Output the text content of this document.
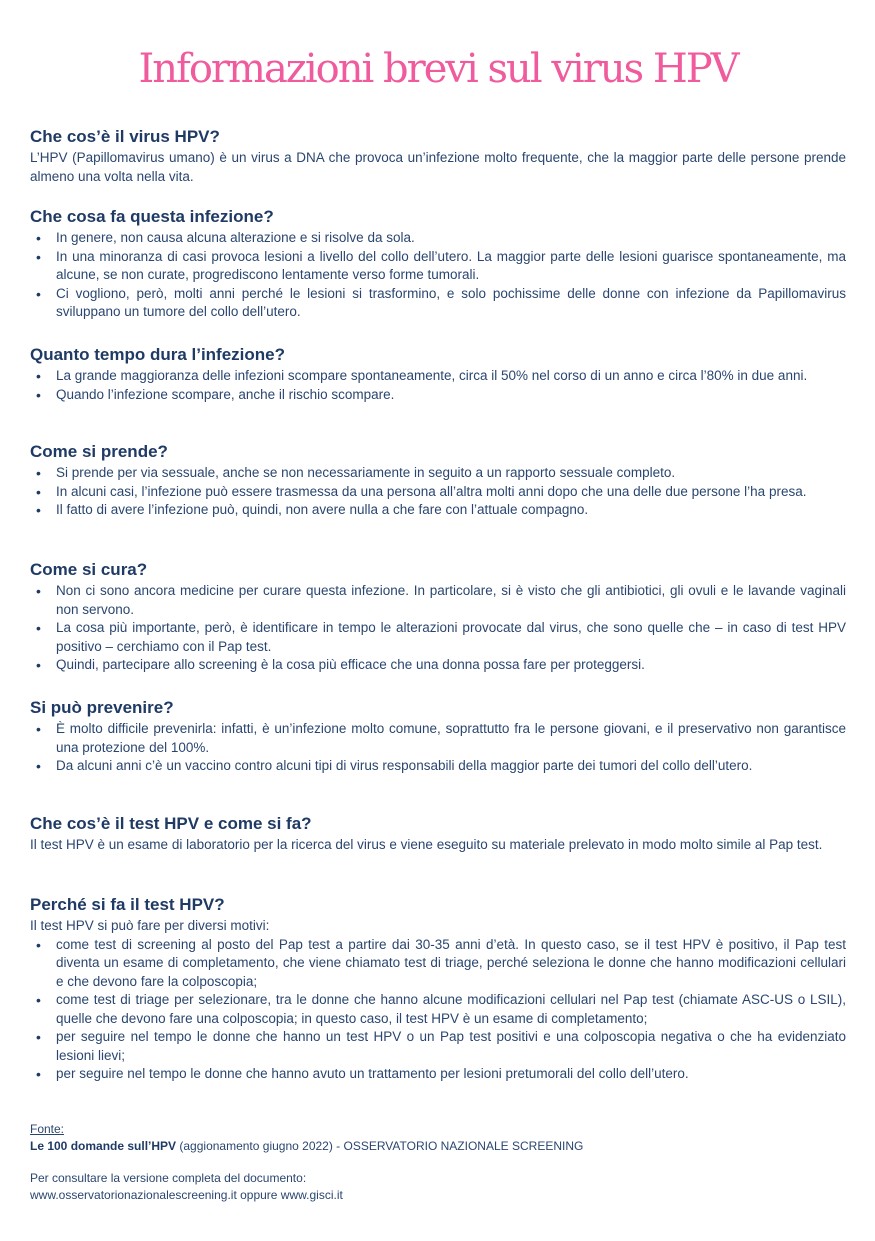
Informazioni brevi sul virus HPV
Che cos’è il virus HPV?

L’HPV (Papillomavirus umano) è un virus a DNA che provoca un’infezione molto frequente, che la maggior parte delle persone prende almeno una volta nella vita.

Che cosa fa questa infezione?
• In genere, non causa alcuna alterazione e si risolve da sola.
• In una minoranza di casi provoca lesioni a livello del collo dell’utero. La maggior parte delle lesioni guarisce spontaneamente, ma alcune, se non curate, progrediscono lentamente verso forme tumorali.
• Ci vogliono, però, molti anni perché le lesioni si trasformino, e solo pochissime delle donne con infezione da Papillomavirus sviluppano un tumore del collo dell’utero.
Quanto tempo dura l’infezione?
• La grande maggioranza delle infezioni scompare spontaneamente, circa il 50% nel corso di un anno e circa l’80% in due anni.
• Quando l’infezione scompare, anche il rischio scompare.
Come si prende?
• Si prende per via sessuale, anche se non necessariamente in seguito a un rapporto sessuale completo.
• In alcuni casi, l’infezione può essere trasmessa da una persona all’altra molti anni dopo che una delle due persone l’ha presa.
• Il fatto di avere l’infezione può, quindi, non avere nulla a che fare con l’attuale compagno.
Come si cura?
• Non ci sono ancora medicine per curare questa infezione. In particolare, si è visto che gli antibiotici, gli ovuli e le lavande vaginali non servono.
• La cosa più importante, però, è identificare in tempo le alterazioni provocate dal virus, che sono quelle che – in caso di test HPV positivo – cerchiamo con il Pap test.
• Quindi, partecipare allo screening è la cosa più efficace che una donna possa fare per proteggersi.
Si può prevenire?
• È molto difficile prevenirla: infatti, è un’infezione molto comune, soprattutto fra le persone giovani, e il preservativo non garantisce una protezione del 100%.
• Da alcuni anni c’è un vaccino contro alcuni tipi di virus responsabili della maggior parte dei tumori del collo dell’utero.
Che cos’è il test HPV e come si fa?

Il test HPV è un esame di laboratorio per la ricerca del virus e viene eseguito su materiale prelevato in modo molto simile al Pap test.

Perché si fa il test HPV?

Il test HPV si può fare per diversi motivi:

• come test di screening al posto del Pap test a partire dai 30-35 anni d’età. In questo caso, se il test HPV è positivo, il Pap test diventa un esame di completamento, che viene chiamato test di triage, perché seleziona le donne che hanno modificazioni cellulari e che devono fare la colposcopia;
• come test di triage per selezionare, tra le donne che hanno alcune modificazioni cellulari nel Pap test (chiamate ASC-US o LSIL), quelle che devono fare una colposcopia; in questo caso, il test HPV è un esame di completamento;
• per seguire nel tempo le donne che hanno un test HPV o un Pap test positivi e una colposcopia negativa o che ha evidenziato lesioni lievi;
• per seguire nel tempo le donne che hanno avuto un trattamento per lesioni pretumorali del collo dell’utero.
Fonte:
Le 100 domande sull’HPV (aggionamento giugno 2022) - OSSERVATORIO NAZIONALE SCREENING
Per consultare la versione completa del documento:
www.osservatorionazionalescreening.it oppure www.gisci.it
